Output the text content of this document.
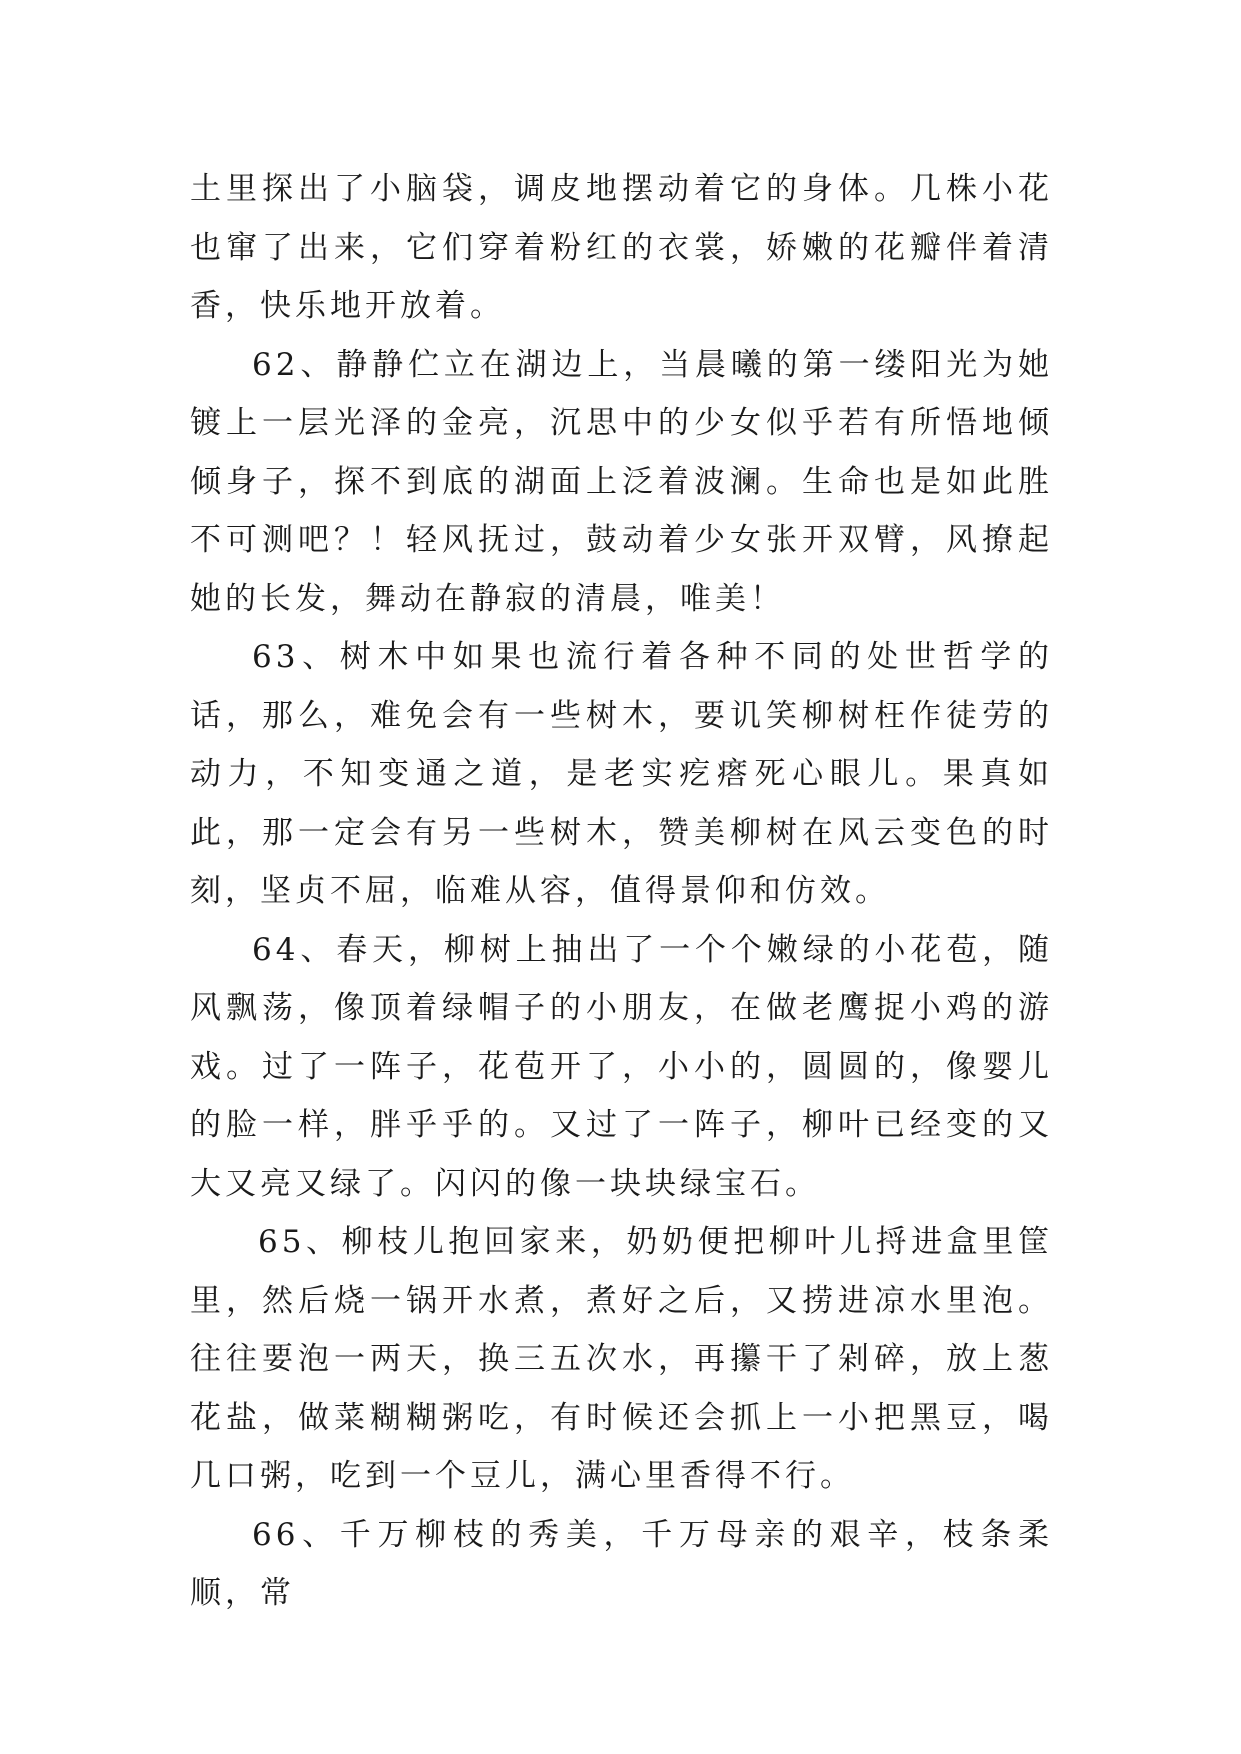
土里探出了小脑袋，调皮地摆动着它的身体。几株小花也窜了出来，它们穿着粉红的衣裳，娇嫩的花瓣伴着清香，快乐地开放着。

62、静静伫立在湖边上，当晨曦的第一缕阳光为她镀上一层光泽的金亮，沉思中的少女似乎若有所悟地倾倾身子，探不到底的湖面上泛着波澜。生命也是如此胜不可测吧？！轻风抚过，鼓动着少女张开双臂，风撩起她的长发，舞动在静寂的清晨，唯美！

63、树木中如果也流行着各种不同的处世哲学的话，那么，难免会有一些树木，要讥笑柳树枉作徒劳的动力，不知变通之道，是老实疙瘩死心眼儿。果真如此，那一定会有另一些树木，赞美柳树在风云变色的时刻，坚贞不屈，临难从容，值得景仰和仿效。

64、春天，柳树上抽出了一个个嫩绿的小花苞，随风飘荡，像顶着绿帽子的小朋友，在做老鹰捉小鸡的游戏。过了一阵子，花苞开了，小小的，圆圆的，像婴儿的脸一样，胖乎乎的。又过了一阵子，柳叶已经变的又大又亮又绿了。闪闪的像一块块绿宝石。

65、柳枝儿抱回家来，奶奶便把柳叶儿捋进盒里筐里，然后烧一锅开水煮，煮好之后，又捞进凉水里泡。往往要泡一两天，换三五次水，再攥干了剁碎，放上葱花盐，做菜糊糊粥吃，有时候还会抓上一小把黑豆，喝几口粥，吃到一个豆儿，满心里香得不行。

66、千万柳枝的秀美，千万母亲的艰辛，枝条柔顺，常
